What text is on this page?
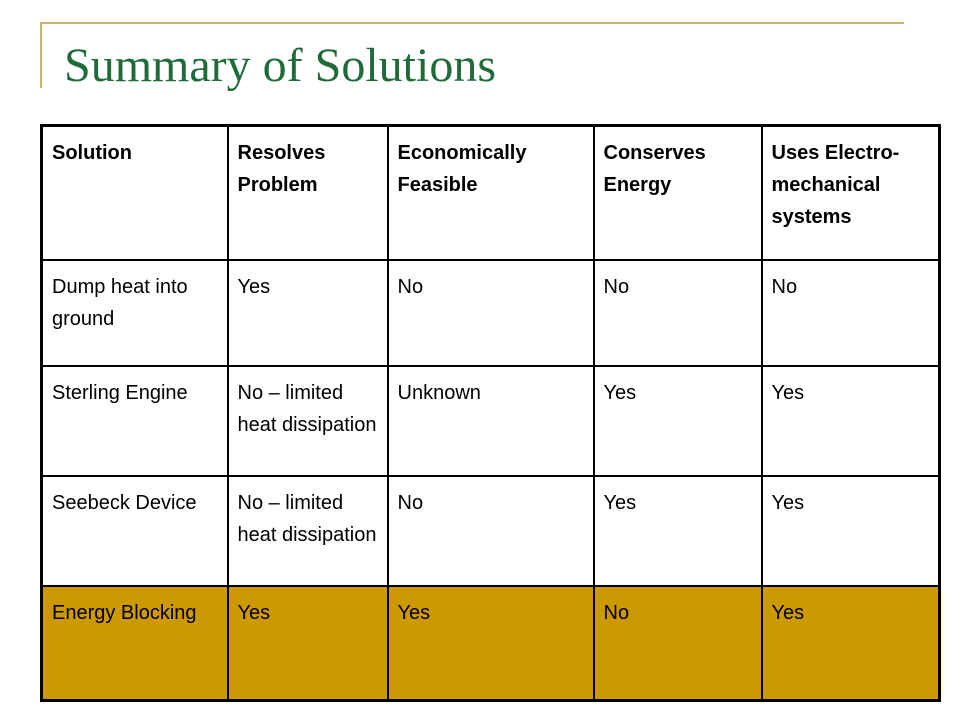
Summary of Solutions
Solution	Resolves Problem	Economically Feasible	Conserves Energy	Uses Electro-mechanical systems
Dump heat into ground	Yes	No	No	No
Sterling Engine	No – limited heat dissipation	Unknown	Yes	Yes
Seebeck Device	No – limited heat dissipation	No	Yes	Yes
Energy Blocking	Yes	Yes	No	Yes
